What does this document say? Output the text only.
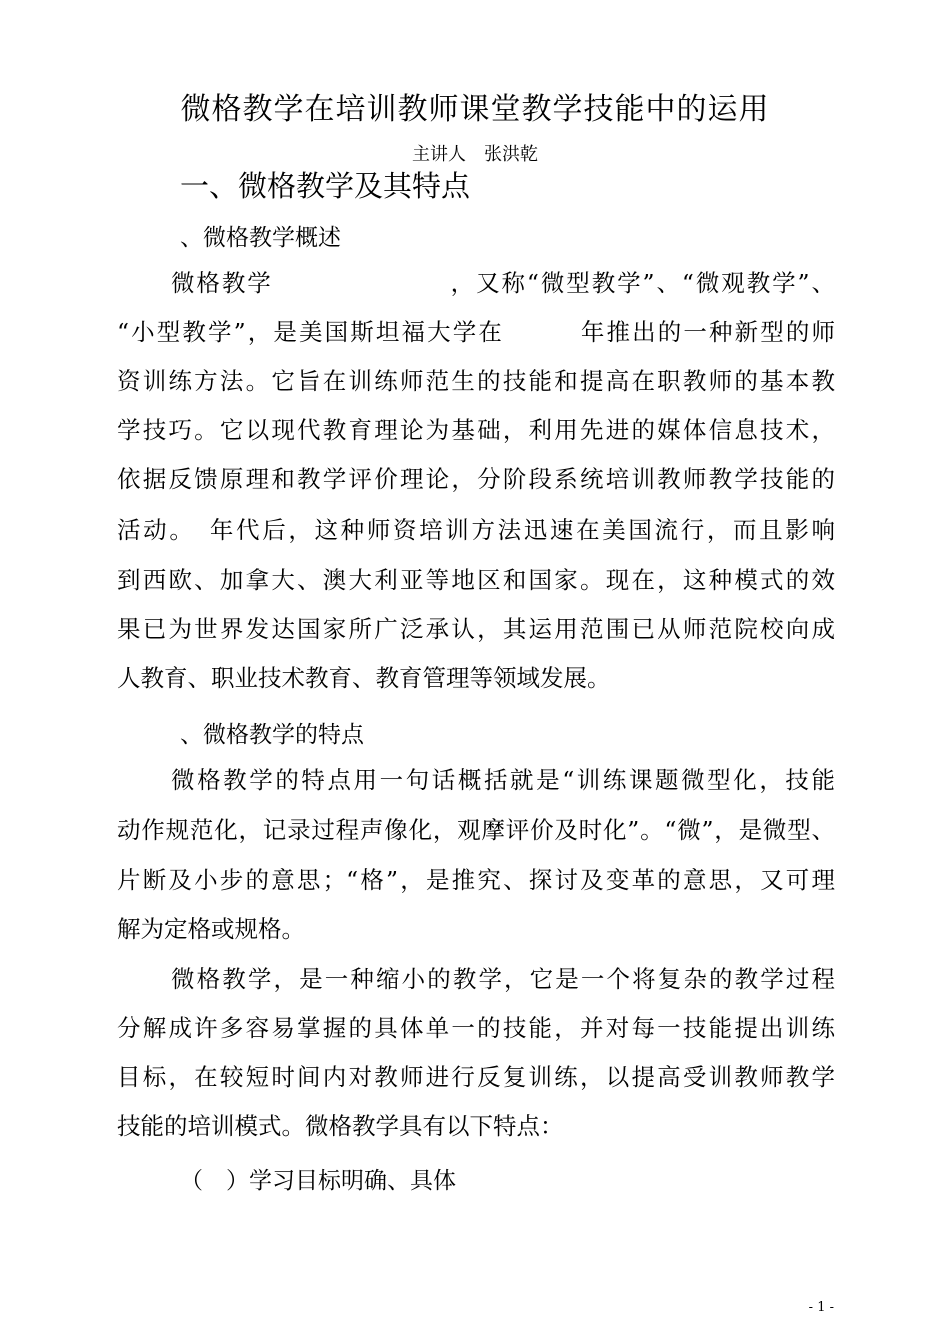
微格教学在培训教师课堂教学技能中的运用
主讲人　张洪乾
一、微格教学及其特点
、微格教学概述
微格教学　　　　　　　，又称“微型教学”、“微观教学”、
“小型教学”，是美国斯坦福大学在　　　年推出的一种新型的师
资训练方法。它旨在训练师范生的技能和提高在职教师的基本教
学技巧。它以现代教育理论为基础，利用先进的媒体信息技术，
依据反馈原理和教学评价理论，分阶段系统培训教师教学技能的
活动。　年代后，这种师资培训方法迅速在美国流行，而且影响
到西欧、加拿大、澳大利亚等地区和国家。现在，这种模式的效
果已为世界发达国家所广泛承认，其运用范围已从师范院校向成
人教育、职业技术教育、教育管理等领域发展。
、微格教学的特点
微格教学的特点用一句话概括就是“训练课题微型化，技能
动作规范化，记录过程声像化，观摩评价及时化”。“微”，是微型、
片断及小步的意思；“格”，是推究、探讨及变革的意思，又可理
解为定格或规格。
微格教学，是一种缩小的教学，它是一个将复杂的教学过程
分解成许多容易掌握的具体单一的技能，并对每一技能提出训练
目标，在较短时间内对教师进行反复训练，以提高受训教师教学
技能的培训模式。微格教学具有以下特点：
（　）学习目标明确、具体
- 1 -
